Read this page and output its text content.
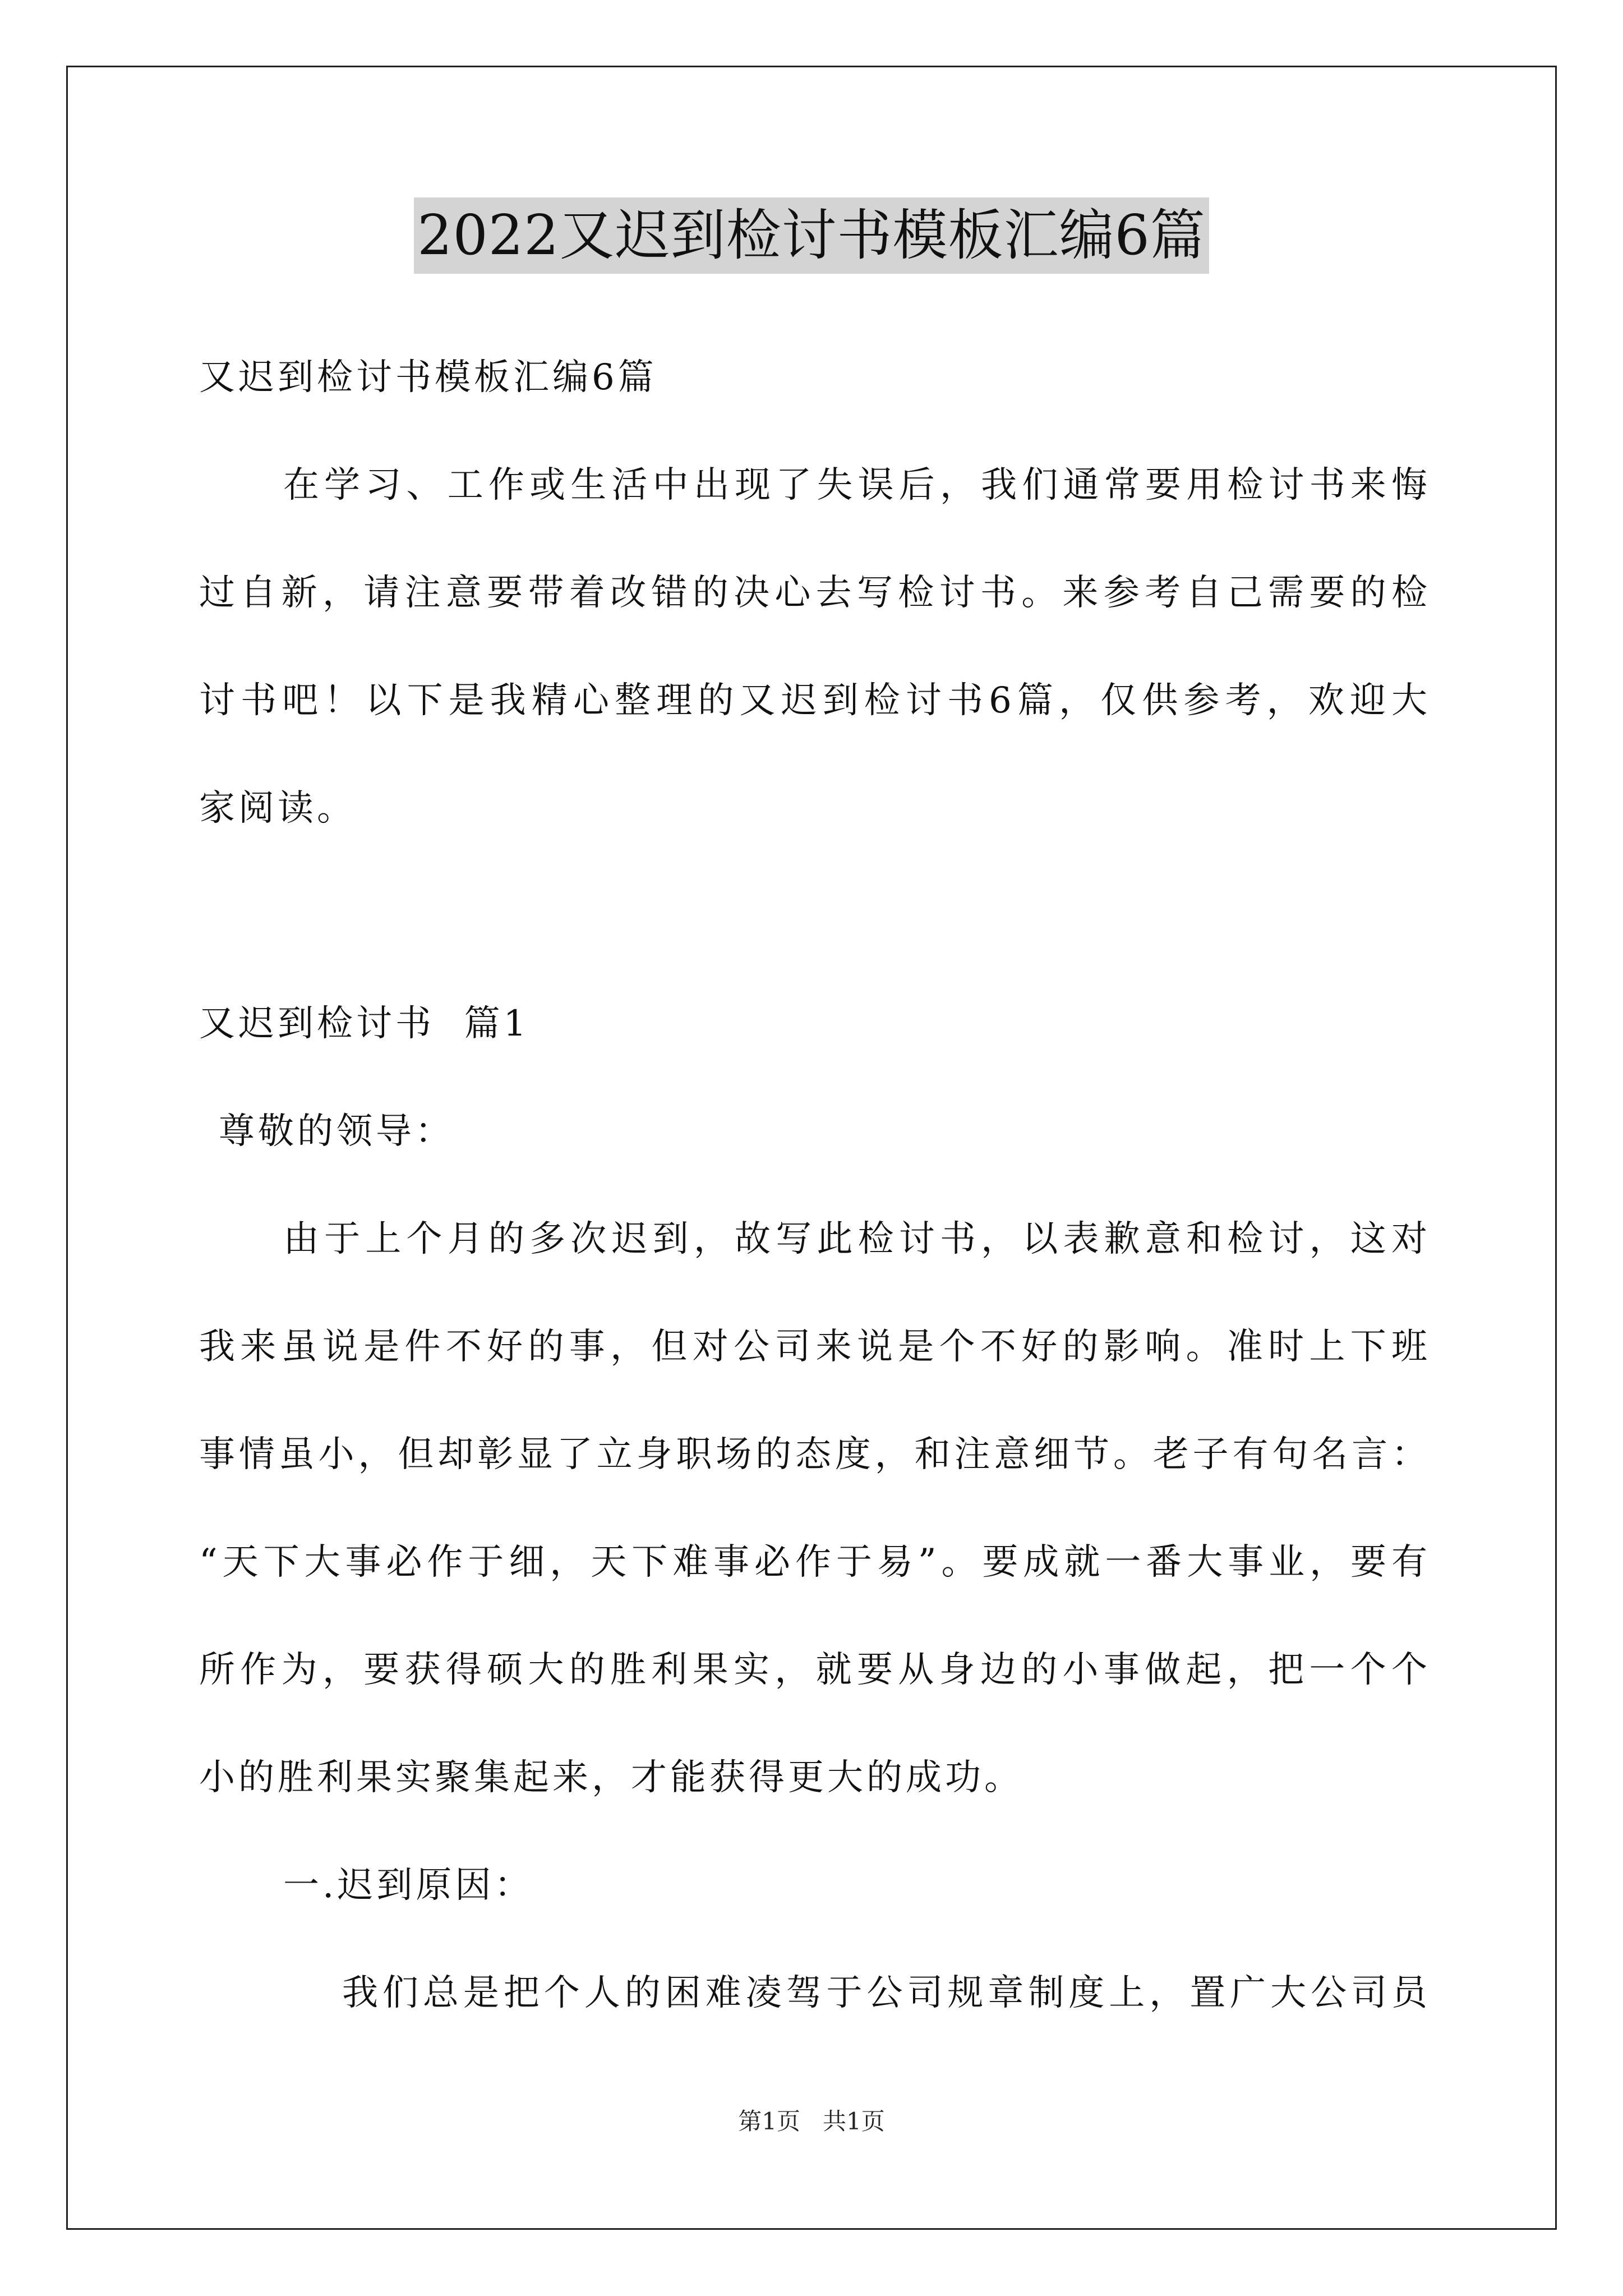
2022又迟到检讨书模板汇编6篇
又迟到检讨书模板汇编6篇
在学习、工作或生活中出现了失误后，我们通常要用检讨书来悔
过自新，请注意要带着改错的决心去写检讨书。来参考自己需要的检
讨书吧！以下是我精心整理的又迟到检讨书6篇，仅供参考，欢迎大
家阅读。
又迟到检讨书  篇1
尊敬的领导：
由于上个月的多次迟到，故写此检讨书，以表歉意和检讨，这对
我来虽说是件不好的事，但对公司来说是个不好的影响。准时上下班
事情虽小，但却彰显了立身职场的态度，和注意细节。老子有句名言：
“天下大事必作于细，天下难事必作于易”。要成就一番大事业，要有
所作为，要获得硕大的胜利果实，就要从身边的小事做起，把一个个
小的胜利果实聚集起来，才能获得更大的成功。
一.迟到原因：
我们总是把个人的困难凌驾于公司规章制度上，置广大公司员
第1页   共1页
